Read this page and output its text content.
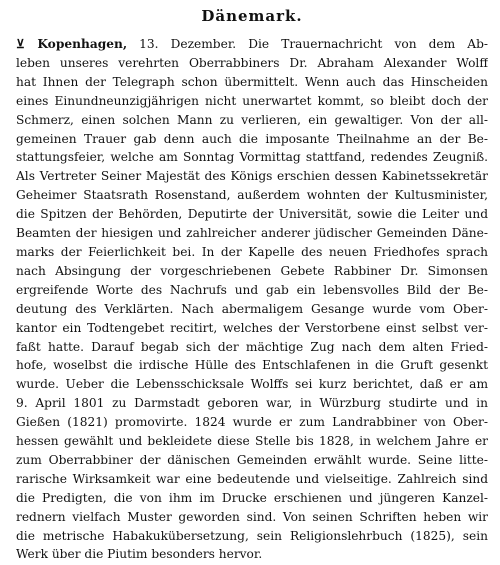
Dänemark.
⊻ Kopenhagen, 13. Dezember. Die Trauernachricht von dem Ab-
leben unseres verehrten Oberrabbiners Dr. Abraham Alexander Wolff
hat Ihnen der Telegraph schon übermittelt. Wenn auch das Hinscheiden
eines Einundneunzigjährigen nicht unerwartet kommt, so bleibt doch der
Schmerz, einen solchen Mann zu verlieren, ein gewaltiger. Von der all-
gemeinen Trauer gab denn auch die imposante Theilnahme an der Be-
stattungsfeier, welche am Sonntag Vormittag stattfand, redendes Zeugniß.
Als Vertreter Seiner Majestät des Königs erschien dessen Kabinetssekretär
Geheimer Staatsrath Rosenstand, außerdem wohnten der Kultusminister,
die Spitzen der Behörden, Deputirte der Universität, sowie die Leiter und
Beamten der hiesigen und zahlreicher anderer jüdischer Gemeinden Däne-
marks der Feierlichkeit bei. In der Kapelle des neuen Friedhofes sprach
nach Absingung der vorgeschriebenen Gebete Rabbiner Dr. Simonsen
ergreifende Worte des Nachrufs und gab ein lebensvolles Bild der Be-
deutung des Verklärten. Nach abermaligem Gesange wurde vom Ober-
kantor ein Todtengebet recitirt, welches der Verstorbene einst selbst ver-
faßt hatte. Darauf begab sich der mächtige Zug nach dem alten Fried-
hofe, woselbst die irdische Hülle des Entschlafenen in die Gruft gesenkt
wurde. Ueber die Lebensschicksale Wolffs sei kurz berichtet, daß er am
9. April 1801 zu Darmstadt geboren war, in Würzburg studirte und in
Gießen (1821) promovirte. 1824 wurde er zum Landrabbiner von Ober-
hessen gewählt und bekleidete diese Stelle bis 1828, in welchem Jahre er
zum Oberrabbiner der dänischen Gemeinden erwählt wurde. Seine litte-
rarische Wirksamkeit war eine bedeutende und vielseitige. Zahlreich sind
die Predigten, die von ihm im Drucke erschienen und jüngeren Kanzel-
rednern vielfach Muster geworden sind. Von seinen Schriften heben wir
die metrische Habakukübersetzung, sein Religionslehrbuch (1825), sein
Werk über die Piutim besonders hervor.
